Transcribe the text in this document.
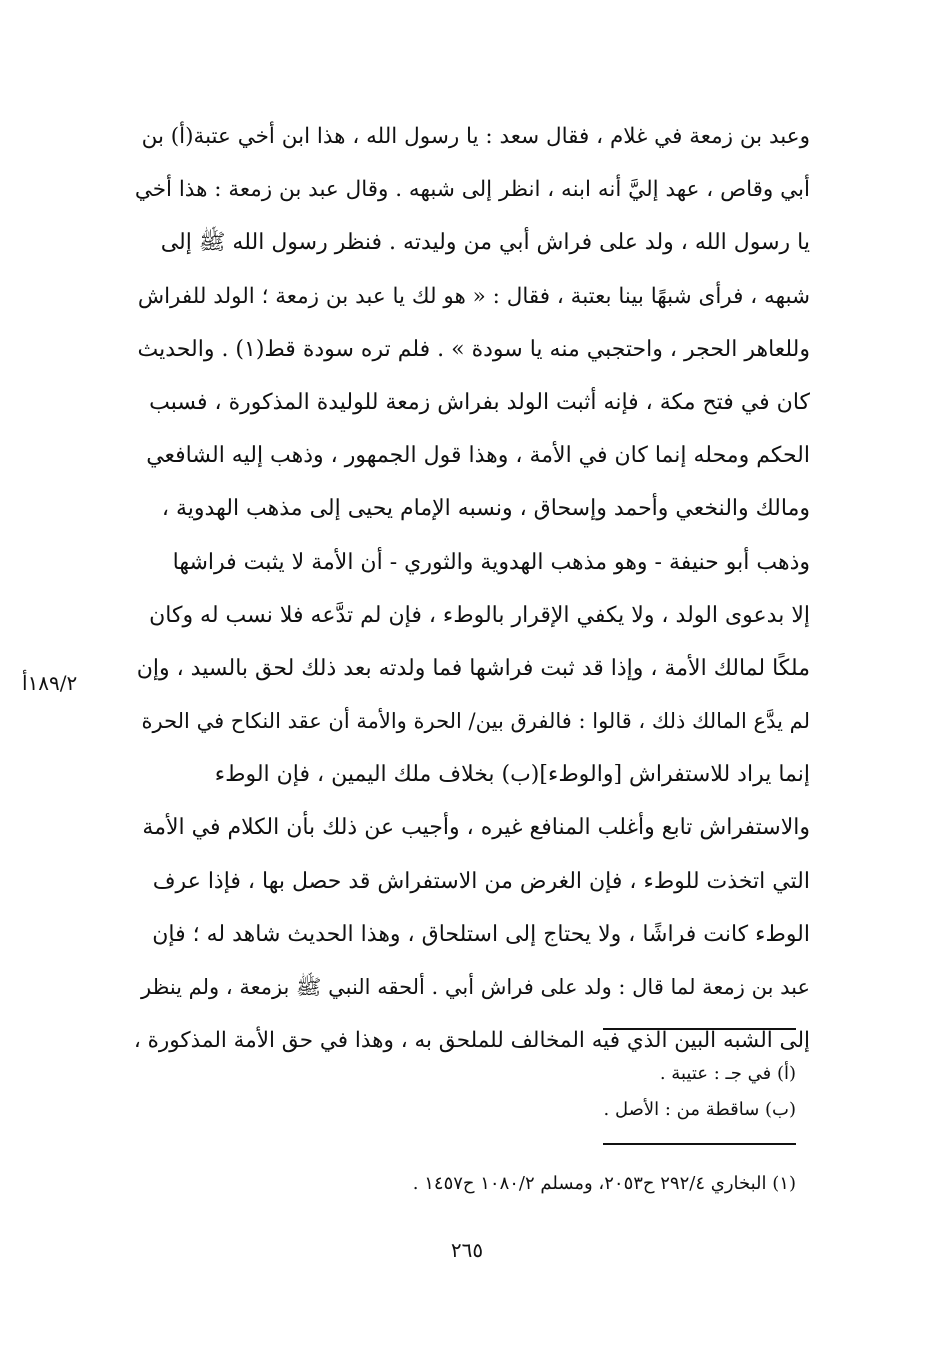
وعبد بن زمعة في غلام ، فقال سعد : يا رسول الله ، هذا ابن أخي عتبة(أ) بن
أبي وقاص ، عهد إليَّ أنه ابنه ، انظر إلى شبهه . وقال عبد بن زمعة : هذا أخي
يا رسول الله ، ولد على فراش أبي من وليدته . فنظر رسول الله ﷺ إلى
شبهه ، فرأى شبهًا بينا بعتبة ، فقال : « هو لك يا عبد بن زمعة ؛ الولد للفراش
وللعاهر الحجر ، واحتجبي منه يا سودة » . فلم تره سودة قط(١) . والحديث
كان في فتح مكة ، فإنه أثبت الولد بفراش زمعة للوليدة المذكورة ، فسبب
الحكم ومحله إنما كان في الأمة ، وهذا قول الجمهور ، وذهب إليه الشافعي
ومالك والنخعي وأحمد وإسحاق ، ونسبه الإمام يحيى إلى مذهب الهدوية ،
وذهب أبو حنيفة - وهو مذهب الهدوية والثوري - أن الأمة لا يثبت فراشها
إلا بدعوى الولد ، ولا يكفي الإقرار بالوطء ، فإن لم تدَّعه فلا نسب له وكان
ملكًا لمالك الأمة ، وإذا قد ثبت فراشها فما ولدته بعد ذلك لحق بالسيد ، وإن
لم يدَّع المالك ذلك ، قالوا : فالفرق بين/ الحرة والأمة أن عقد النكاح في الحرة
إنما يراد للاستفراش [والوطء](ب) بخلاف ملك اليمين ، فإن الوطء
والاستفراش تابع وأغلب المنافع غيره ، وأجيب عن ذلك بأن الكلام في الأمة
التي اتخذت للوطء ، فإن الغرض من الاستفراش قد حصل بها ، فإذا عرف
الوطء كانت فراشًا ، ولا يحتاج إلى استلحاق ، وهذا الحديث شاهد له ؛ فإن
عبد بن زمعة لما قال : ولد على فراش أبي . ألحقه النبي ﷺ بزمعة ، ولم ينظر
إلى الشبه البين الذي فيه المخالف للملحق به ، وهذا في حق الأمة المذكورة ،
١٨٩/٢أ
(أ) في جـ : عتيبة .
(ب) ساقطة من : الأصل .
(١) البخاري ٢٩٢/٤ ح٢٠٥٣، ومسلم ١٠٨٠/٢ ح١٤٥٧ .
٢٦٥
